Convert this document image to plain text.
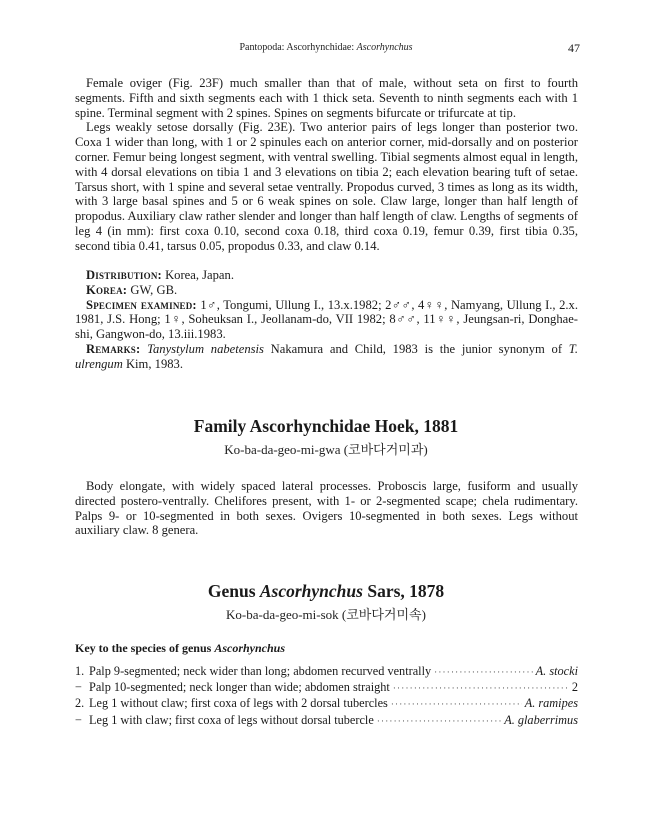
Pantopoda: Ascorhynchidae: Ascorhynchus	47

Female oviger (Fig. 23F) much smaller than that of male, without seta on first to fourth segments. Fifth and sixth segments each with 1 thick seta. Seventh to ninth segments each with 1 spine. Terminal segment with 2 spines. Spines on segments bifurcate or trifurcate at tip.

Legs weakly setose dorsally (Fig. 23E). Two anterior pairs of legs longer than posterior two. Coxa 1 wider than long, with 1 or 2 spinules each on anterior corner, mid-dorsally and on posterior corner. Femur being longest segment, with ventral swelling. Tibial segments almost equal in length, with 4 dorsal elevations on tibia 1 and 3 elevations on tibia 2; each elevation bearing tuft of setae. Tarsus short, with 1 spine and several setae ventrally. Propodus curved, 3 times as long as its width, with 3 large basal spines and 5 or 6 weak spines on sole. Claw large, longer than half length of propodus. Auxiliary claw rather slender and longer than half length of claw. Lengths of segments of leg 4 (in mm): first coxa 0.10, second coxa 0.18, third coxa 0.19, femur 0.39, first tibia 0.35, second tibia 0.41, tarsus 0.05, propodus 0.33, and claw 0.14.

Distribution: Korea, Japan.

Korea: GW, GB.

Specimen examined: 1♂, Tongumi, Ullung I., 13.x.1982; 2♂♂, 4♀♀, Namyang, Ullung I., 2.x. 1981, J.S. Hong; 1♀, Soheuksan I., Jeollanam-do, VII 1982; 8♂♂, 11♀♀, Jeungsan-ri, Donghae-shi, Gangwon-do, 13.iii.1983.

Remarks: Tanystylum nabetensis Nakamura and Child, 1983 is the junior synonym of T. ulrengum Kim, 1983.

Family Ascorhynchidae Hoek, 1881
Ko-ba-da-geo-mi-gwa (코바다거미과)

Body elongate, with widely spaced lateral processes. Proboscis large, fusiform and usually directed postero-ventrally. Chelifores present, with 1- or 2-segmented scape; chela rudimentary. Palps 9- or 10-segmented in both sexes. Ovigers 10-segmented in both sexes. Legs without auxiliary claw. 8 genera.

Genus Ascorhynchus Sars, 1878
Ko-ba-da-geo-mi-sok (코바다거미속)
Key to the species of genus Ascorhynchus
1. Palp 9-segmented; neck wider than long; abdomen recurved ventrally ·····	A. stocki
− Palp 10-segmented; neck longer than wide; abdomen straight ·····	2
2. Leg 1 without claw; first coxa of legs with 2 dorsal tubercles ·····	A. ramipes
− Leg 1 with claw; first coxa of legs without dorsal tubercle ·····	A. glaberrimus
